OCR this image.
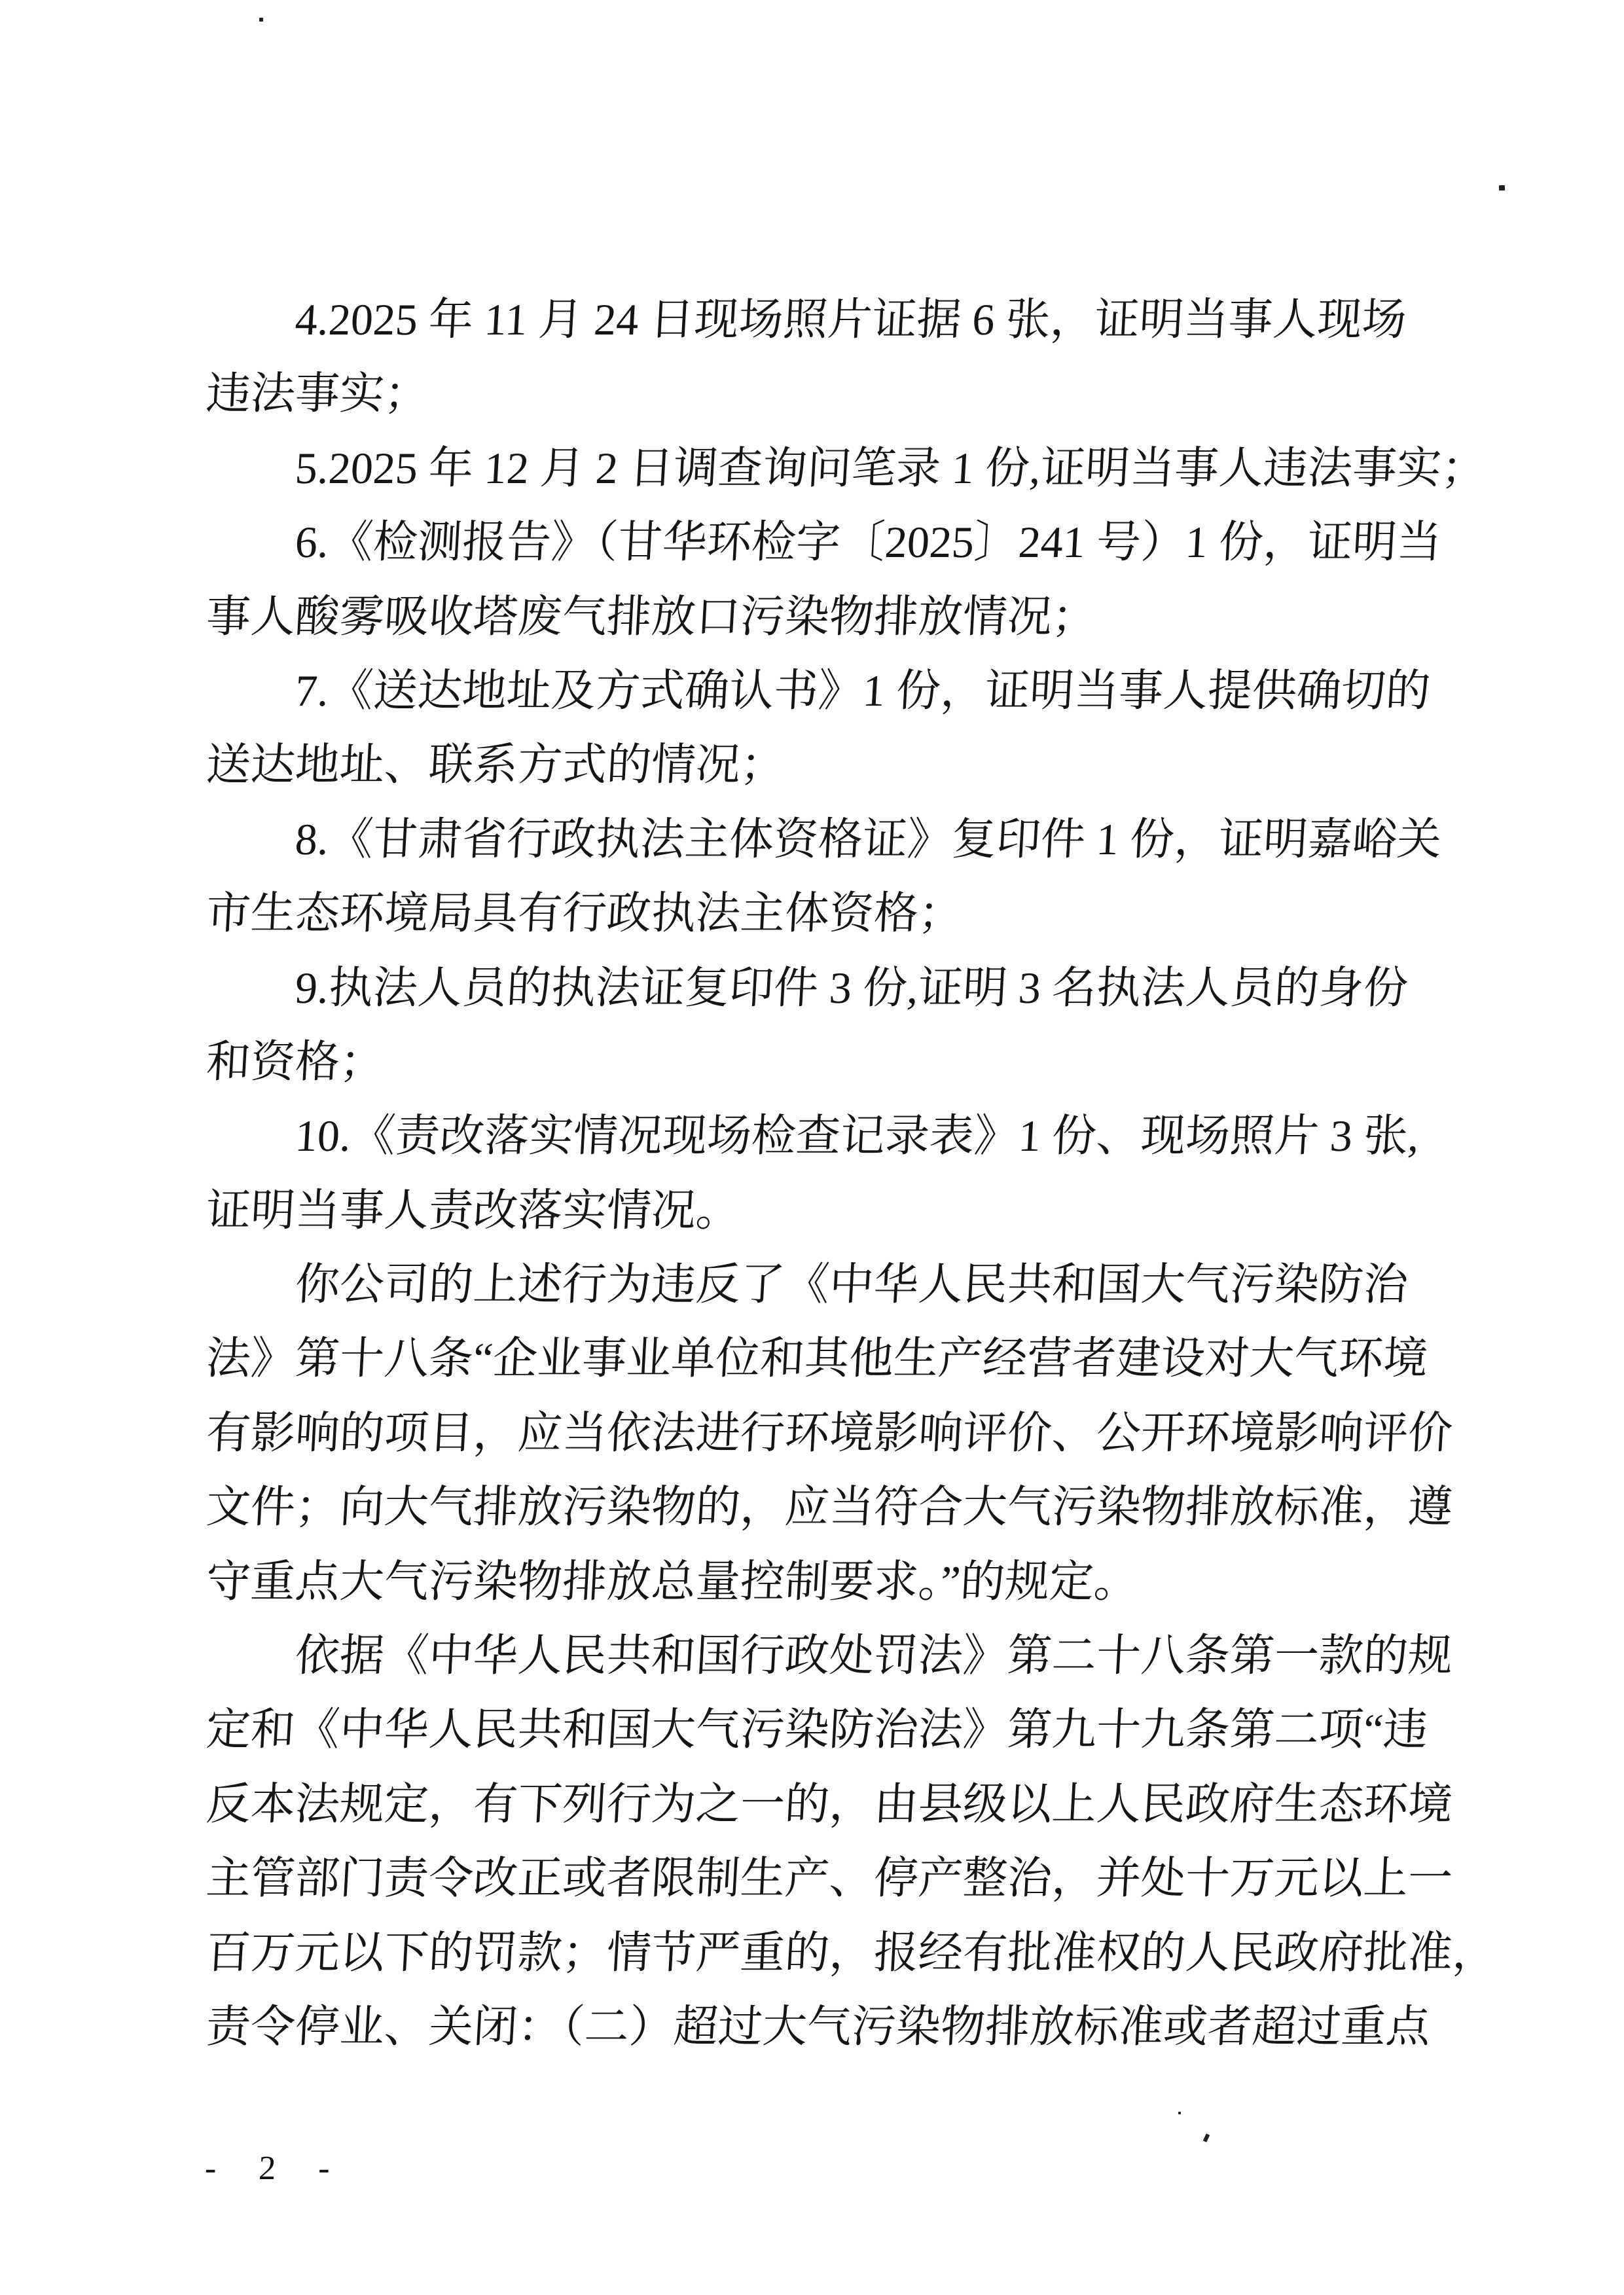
4.2025 年 11 月 24 日现场照片证据 6 张，证明当事人现场
违法事实；
5.2025 年 12 月 2 日调查询问笔录 1 份,证明当事人违法事实；
6.《检测报告》（甘华环检字〔2025〕241 号）1 份，证明当
事人酸雾吸收塔废气排放口污染物排放情况；
7.《送达地址及方式确认书》1 份，证明当事人提供确切的
送达地址、联系方式的情况；
8.《甘肃省行政执法主体资格证》复印件 1 份，证明嘉峪关
市生态环境局具有行政执法主体资格；
9.执法人员的执法证复印件 3 份,证明 3 名执法人员的身份
和资格；
10.《责改落实情况现场检查记录表》1 份、现场照片 3 张,
证明当事人责改落实情况。
你公司的上述行为违反了《中华人民共和国大气污染防治
法》第十八条“企业事业单位和其他生产经营者建设对大气环境
有影响的项目，应当依法进行环境影响评价、公开环境影响评价
文件；向大气排放污染物的，应当符合大气污染物排放标准，遵
守重点大气污染物排放总量控制要求。”的规定。
依据《中华人民共和国行政处罚法》第二十八条第一款的规
定和《中华人民共和国大气污染防治法》第九十九条第二项“违
反本法规定，有下列行为之一的，由县级以上人民政府生态环境
主管部门责令改正或者限制生产、停产整治，并处十万元以上一
百万元以下的罚款；情节严重的，报经有批准权的人民政府批准，
责令停业、关闭：（二）超过大气污染物排放标准或者超过重点
- 2 -
